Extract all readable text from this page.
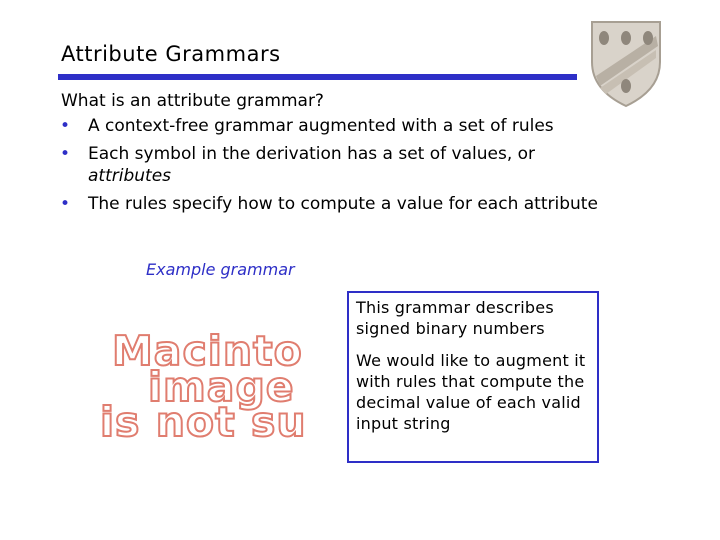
Attribute Grammars

What is an attribute grammar?

• A context-free grammar augmented with a set of rules
• Each symbol in the derivation has a set of values, or
attributes
• The rules specify how to compute a value for each attribute
Example grammar
Macinto
image
is not su

This grammar describes signed binary numbers

We would like to augment it with rules that compute the decimal value of each valid input string
